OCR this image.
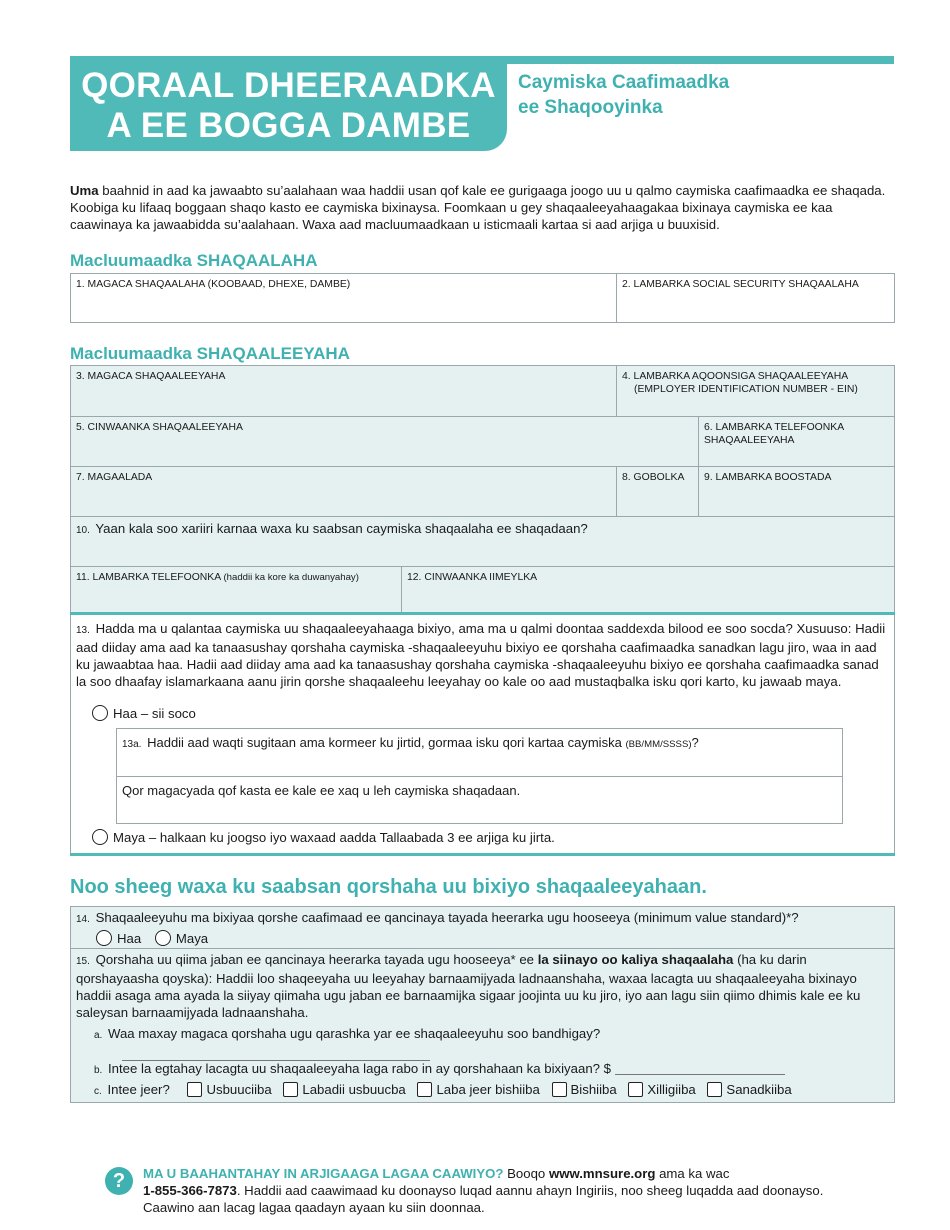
QORAAL DHEERAADKA
A EE BOGGA DAMBE
Caymiska Caafimaadka
ee Shaqooyinka
Uma baahnid in aad ka jawaabto su’aalahaan waa haddii usan qof kale ee gurigaaga joogo uu u qalmo caymiska caafimaadka ee shaqada. Koobiga ku lifaaq boggaan shaqo kasto ee caymiska bixinaysa. Foomkaan u gey shaqaaleeyahaagakaa bixinaya caymiska ee kaa caawinaya ka jawaabidda su’aalahaan. Waxa aad macluumaadkaan u isticmaali kartaa si aad arjiga u buuxisid.
Macluumaadka SHAQAALAHA
1. MAGACA SHAQAALAHA (KOOBAAD, DHEXE, DAMBE)	2. LAMBARKA SOCIAL SECURITY SHAQAALAHA
Macluumaadka SHAQAALEEYAHA
3. MAGACA SHAQAALEEYAHA	4. LAMBARKA AQOONSIGA SHAQAALEEYAHA
(EMPLOYER IDENTIFICATION NUMBER - EIN)
5. CINWAANKA SHAQAALEEYAHA	6. LAMBARKA TELEFOONKA
SHAQAALEEYAHA
7. MAGAALADA	8. GOBOLKA	9. LAMBARKA BOOSTADA
10. Yaan kala soo xariiri karnaa waxa ku saabsan caymiska shaqaalaha ee shaqadaan?
11. LAMBARKA TELEFOONKA (haddii ka kore ka duwanyahay)	12. CINWAANKA IIMEYLKA
13. Hadda ma u qalantaa caymiska uu shaqaaleeyahaaga bixiyo, ama ma u qalmi doontaa saddexda bilood ee soo socda? Xusuuso: Hadii aad diiday ama aad ka tanaasushay qorshaha caymiska -shaqaaleeyuhu bixiyo ee qorshaha caafimaadka sanadkan lagu jiro, waa in aad ku jawaabtaa haa. Hadii aad diiday ama aad ka tanaasushay qorshaha caymiska -shaqaaleeyuhu bixiyo ee qorshaha caafimaadka sanad la soo dhaafay islamarkaana aanu jirin qorshe shaqaaleehu leeyahay oo kale oo aad mustaqbalka isku qori karto, ku jawaab maya.
Haa – sii soco
13a. Haddii aad waqti sugitaan ama kormeer ku jirtid, gormaa isku qori kartaa caymiska (BB/MM/SSSS)?
Qor magacyada qof kasta ee kale ee xaq u leh caymiska shaqadaan.
Maya – halkaan ku joogso iyo waxaad aadda Tallaabada 3 ee arjiga ku jirta.
Noo sheeg waxa ku saabsan qorshaha uu bixiyo shaqaaleeyahaan.
14. Shaqaaleeyuhu ma bixiyaa qorshe caafimaad ee qancinaya tayada heerarka ugu hooseeya (minimum value standard)*?
Haa	Maya
15. Qorshaha uu qiima jaban ee qancinaya heerarka tayada ugu hooseeya* ee la siinayo oo kaliya shaqaalaha (ha ku darin qorshayaasha qoyska): Haddii loo shaqeeyaha uu leeyahay barnaamijyada ladnaanshaha, waxaa lacagta uu shaqaaleeyaha bixinayo haddii asaga ama ayada la siiyay qiimaha ugu jaban ee barnaamijka sigaar joojinta uu ku jiro, iyo aan lagu siin qiimo dhimis kale ee ku saleysan barnaamijyada ladnaanshaha.
a. Waa maxay magaca qorshaha ugu qarashka yar ee shaqaaleeyuhu soo bandhigay?
b. Intee la egtahay lacagta uu shaqaaleeyaha laga rabo in ay qorshahaan ka bixiyaan? $
c. Intee jeer?	Usbuuciiba Labadii usbuucba Laba jeer bishiiba Bishiiba Xilligiiba Sanadkiiba
?	MA U BAAHANTAHAY IN ARJIGAAGA LAGAA CAAWIYO? Booqo www.mnsure.org ama ka wac
1-855-366-7873. Haddii aad caawimaad ku doonayso luqad aannu ahayn Ingiriis, noo sheeg luqadda aad doonayso. Caawino aan lacag lagaa qaadayn ayaan ku siin doonnaa.
